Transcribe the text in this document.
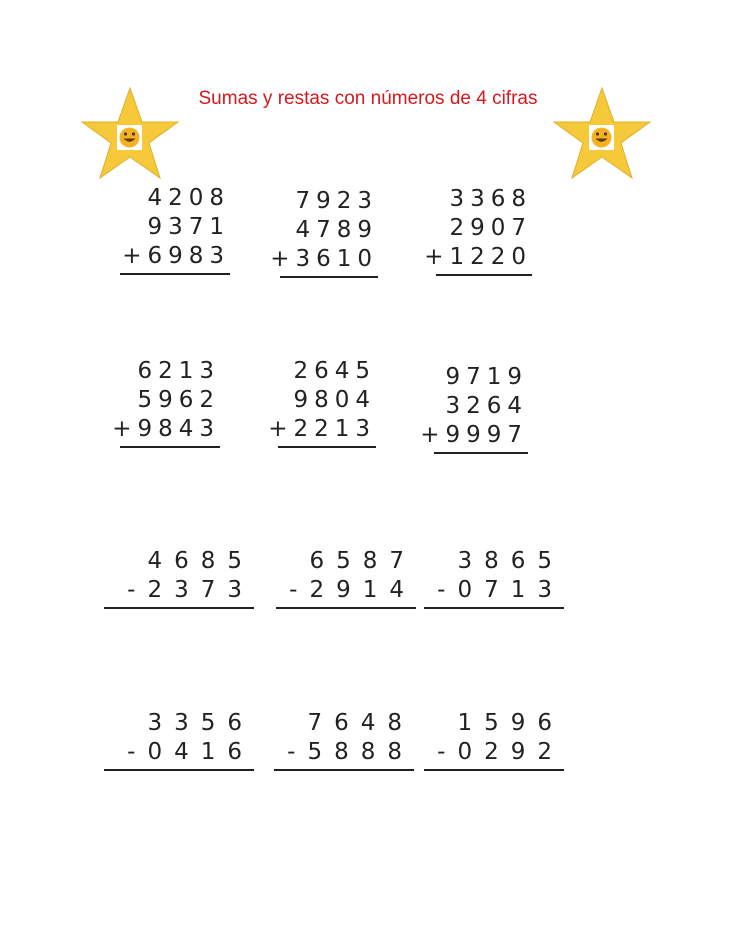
Sumas y restas con números de 4 cifras
4208
9371
+6983
7923
4789
+3610
3368
2907
+1220
6213
5962
+9843
2645
9804
+2213
9719
3264
+9997
4685
-2373
6587
-2914
3865
-0713
3356
-0416
7648
-5888
1596
-0292
